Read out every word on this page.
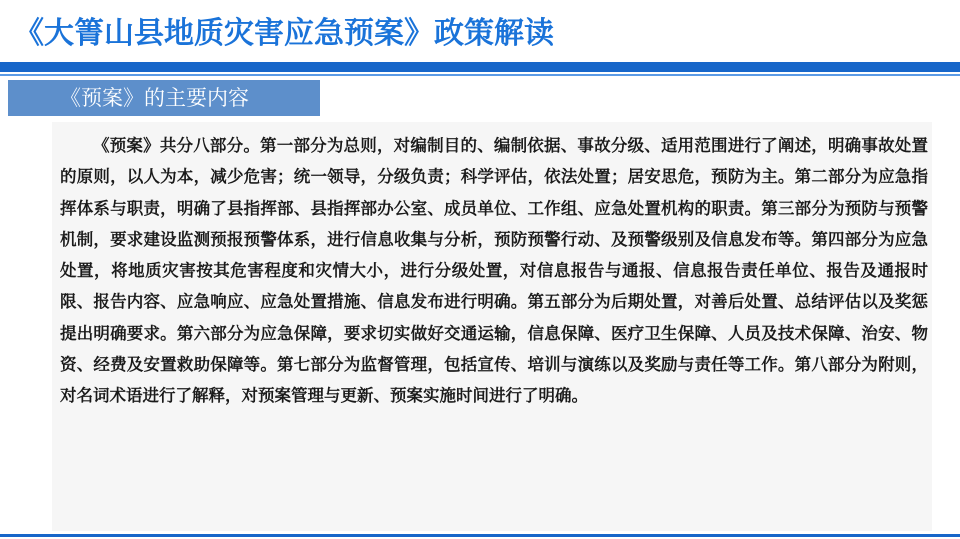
《大箐山县地质灾害应急预案》政策解读
《预案》的主要内容

《预案》共分八部分。第一部分为总则，对编制目的、编制依据、事故分级、适用范围进行了阐述，明确事故处置的原则，以人为本，减少危害；统一领导，分级负责；科学评估，依法处置；居安思危，预防为主。第二部分为应急指挥体系与职责，明确了县指挥部、县指挥部办公室、成员单位、工作组、应急处置机构的职责。第三部分为预防与预警机制，要求建设监测预报预警体系，进行信息收集与分析，预防预警行动、及预警级别及信息发布等。第四部分为应急处置，将地质灾害按其危害程度和灾情大小，进行分级处置，对信息报告与通报、信息报告责任单位、报告及通报时限、报告内容、应急响应、应急处置措施、信息发布进行明确。第五部分为后期处置，对善后处置、总结评估以及奖惩提出明确要求。第六部分为应急保障，要求切实做好交通运输，信息保障、医疗卫生保障、人员及技术保障、治安、物资、经费及安置救助保障等。第七部分为监督管理，包括宣传、培训与演练以及奖励与责任等工作。第八部分为附则，对名词术语进行了解释，对预案管理与更新、预案实施时间进行了明确。
